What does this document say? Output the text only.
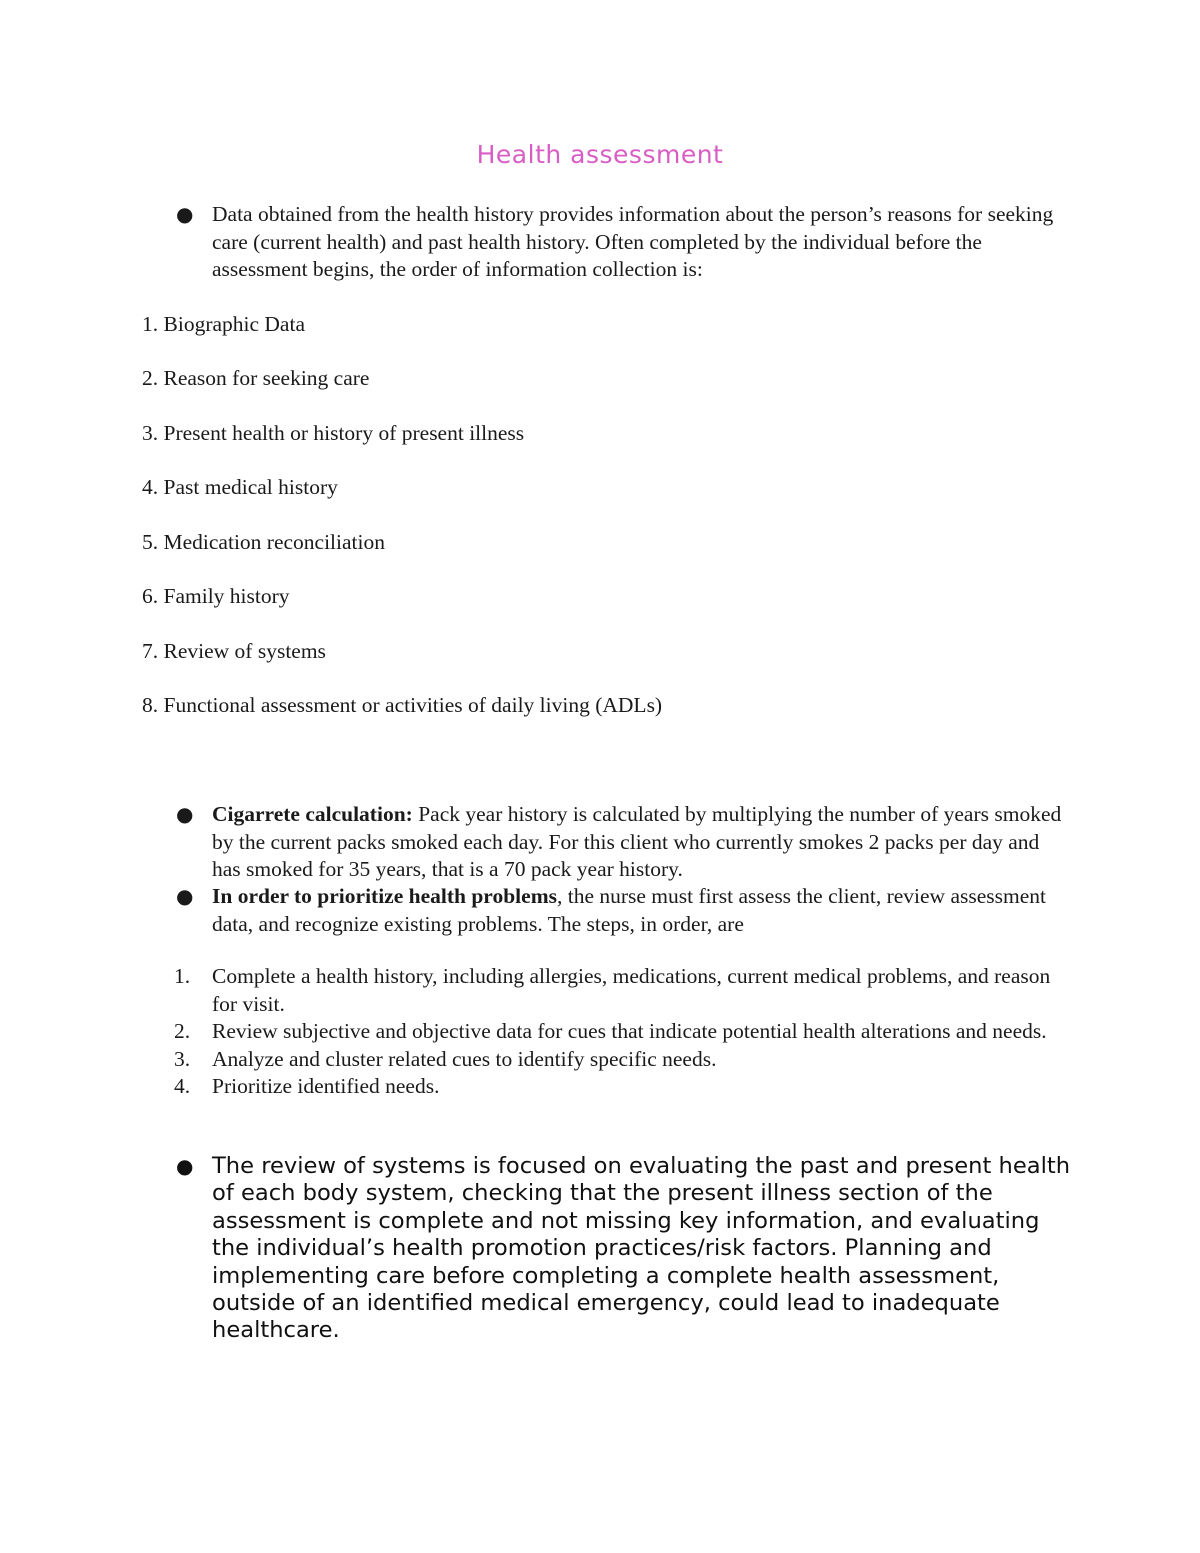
Health assessment
● Data obtained from the health history provides information about the person’s reasons for seeking care (current health) and past health history. Often completed by the individual before the assessment begins, the order of information collection is:
1. Biographic Data
2. Reason for seeking care
3. Present health or history of present illness
4. Past medical history
5. Medication reconciliation
6. Family history
7. Review of systems
8. Functional assessment or activities of daily living (ADLs)
● Cigarrete calculation: Pack year history is calculated by multiplying the number of years smoked by the current packs smoked each day. For this client who currently smokes 2 packs per day and has smoked for 35 years, that is a 70 pack year history.
● In order to prioritize health problems, the nurse must first assess the client, review assessment data, and recognize existing problems. The steps, in order, are
1. Complete a health history, including allergies, medications, current medical problems, and reason for visit.
2. Review subjective and objective data for cues that indicate potential health alterations and needs.
3. Analyze and cluster related cues to identify specific needs.
4. Prioritize identified needs.
● The review of systems is focused on evaluating the past and present health of each body system, checking that the present illness section of the assessment is complete and not missing key information, and evaluating the individual’s health promotion practices/risk factors. Planning and implementing care before completing a complete health assessment, outside of an identified medical emergency, could lead to inadequate healthcare.
